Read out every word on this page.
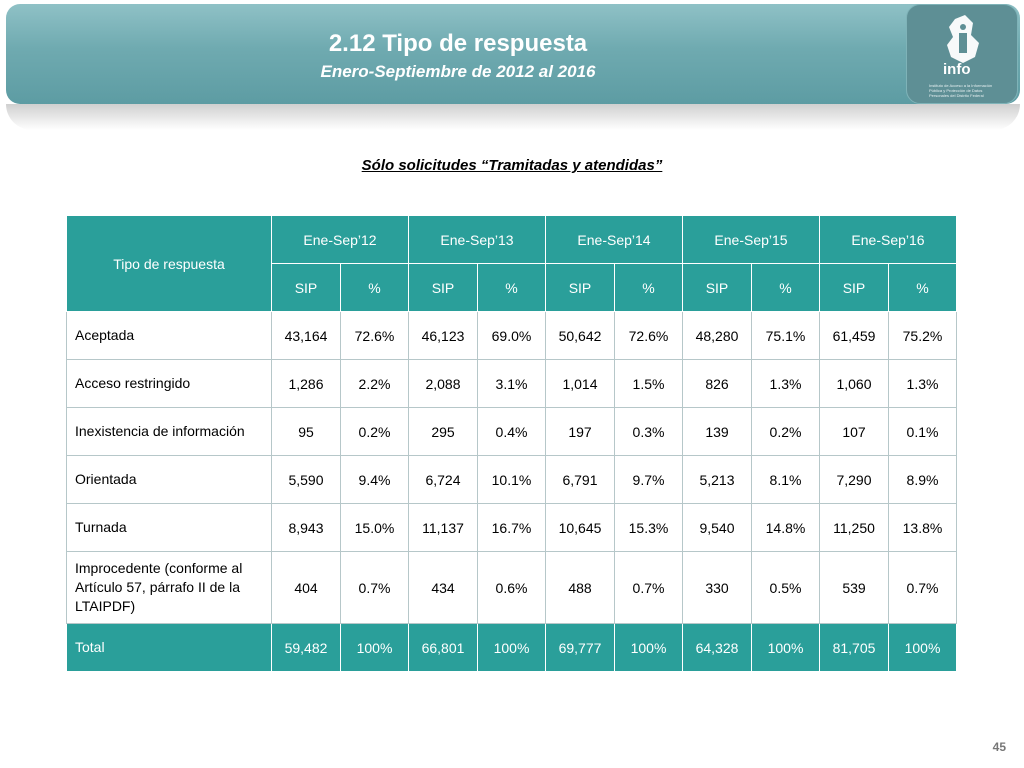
2.12 Tipo de respuesta
Enero-Septiembre de 2012 al 2016	info
Instituto de Acceso a la Información Pública y Protección de Datos Personales del Distrito Federal
Sólo solicitudes “Tramitadas y atendidas”
Tipo de respuesta	Ene-Sep’12		Ene-Sep’13		Ene-Sep’14		Ene-Sep’15		Ene-Sep’16	
	SIP	%	SIP	%	SIP	%	SIP	%	SIP	%
Aceptada	43,164	72.6%	46,123	69.0%	50,642	72.6%	48,280	75.1%	61,459	75.2%
Acceso restringido	1,286	2.2%	2,088	3.1%	1,014	1.5%	826	1.3%	1,060	1.3%
Inexistencia de información	95	0.2%	295	0.4%	197	0.3%	139	0.2%	107	0.1%
Orientada	5,590	9.4%	6,724	10.1%	6,791	9.7%	5,213	8.1%	7,290	8.9%
Turnada	8,943	15.0%	11,137	16.7%	10,645	15.3%	9,540	14.8%	11,250	13.8%
Improcedente (conforme al Artículo 57, párrafo II de la LTAIPDF)	404	0.7%	434	0.6%	488	0.7%	330	0.5%	539	0.7%
Total	59,482	100%	66,801	100%	69,777	100%	64,328	100%	81,705	100%
45
